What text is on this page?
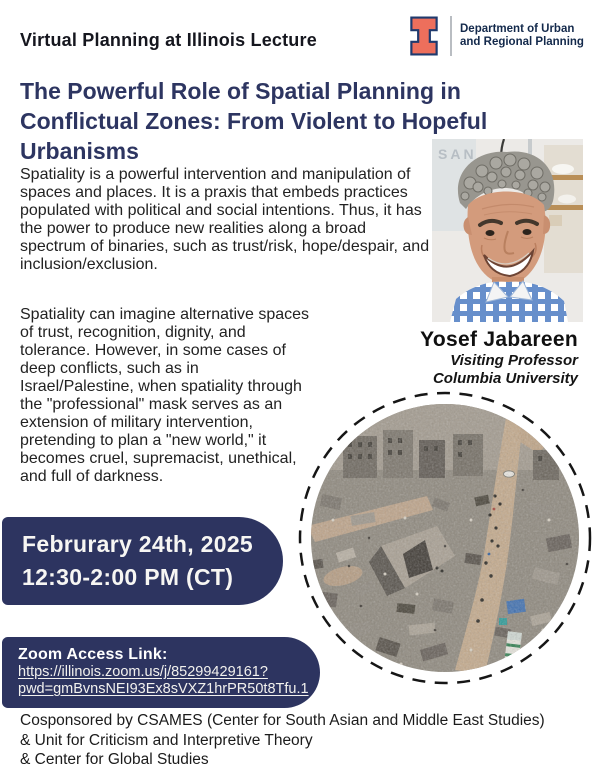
Virtual Planning at Illinois Lecture
Department of Urban
and Regional Planning
The Powerful Role of Spatial Planning in
Conflictual Zones: From Violent to Hopeful
Urbanisms
Spatiality is a powerful intervention and manipulation of spaces and places. It is a praxis that embeds practices populated with political and social intentions. Thus, it has the power to produce new realities along a broad spectrum of binaries, such as trust/risk, hope/despair, and inclusion/exclusion.
Spatiality can imagine alternative spaces of trust, recognition, dignity, and tolerance. However, in some cases of deep conflicts, such as in Israel/Palestine, when spatiality through the "professional" mask serves as an extension of military intervention, pretending to plan a "new world," it becomes cruel, supremacist, unethical, and full of darkness.
SAN
Yosef Jabareen
Visiting Professor
Columbia University
Februrary 24th, 2025
12:30-2:00 PM (CT)
Zoom Access Link:
https://illinois.zoom.us/j/85299429161?
pwd=gmBvnsNEI93Ex8sVXZ1hrPR50t8Tfu.1
Cosponsored by CSAMES (Center for South Asian and Middle East Studies)
& Unit for Criticism and Interpretive Theory
& Center for Global Studies
